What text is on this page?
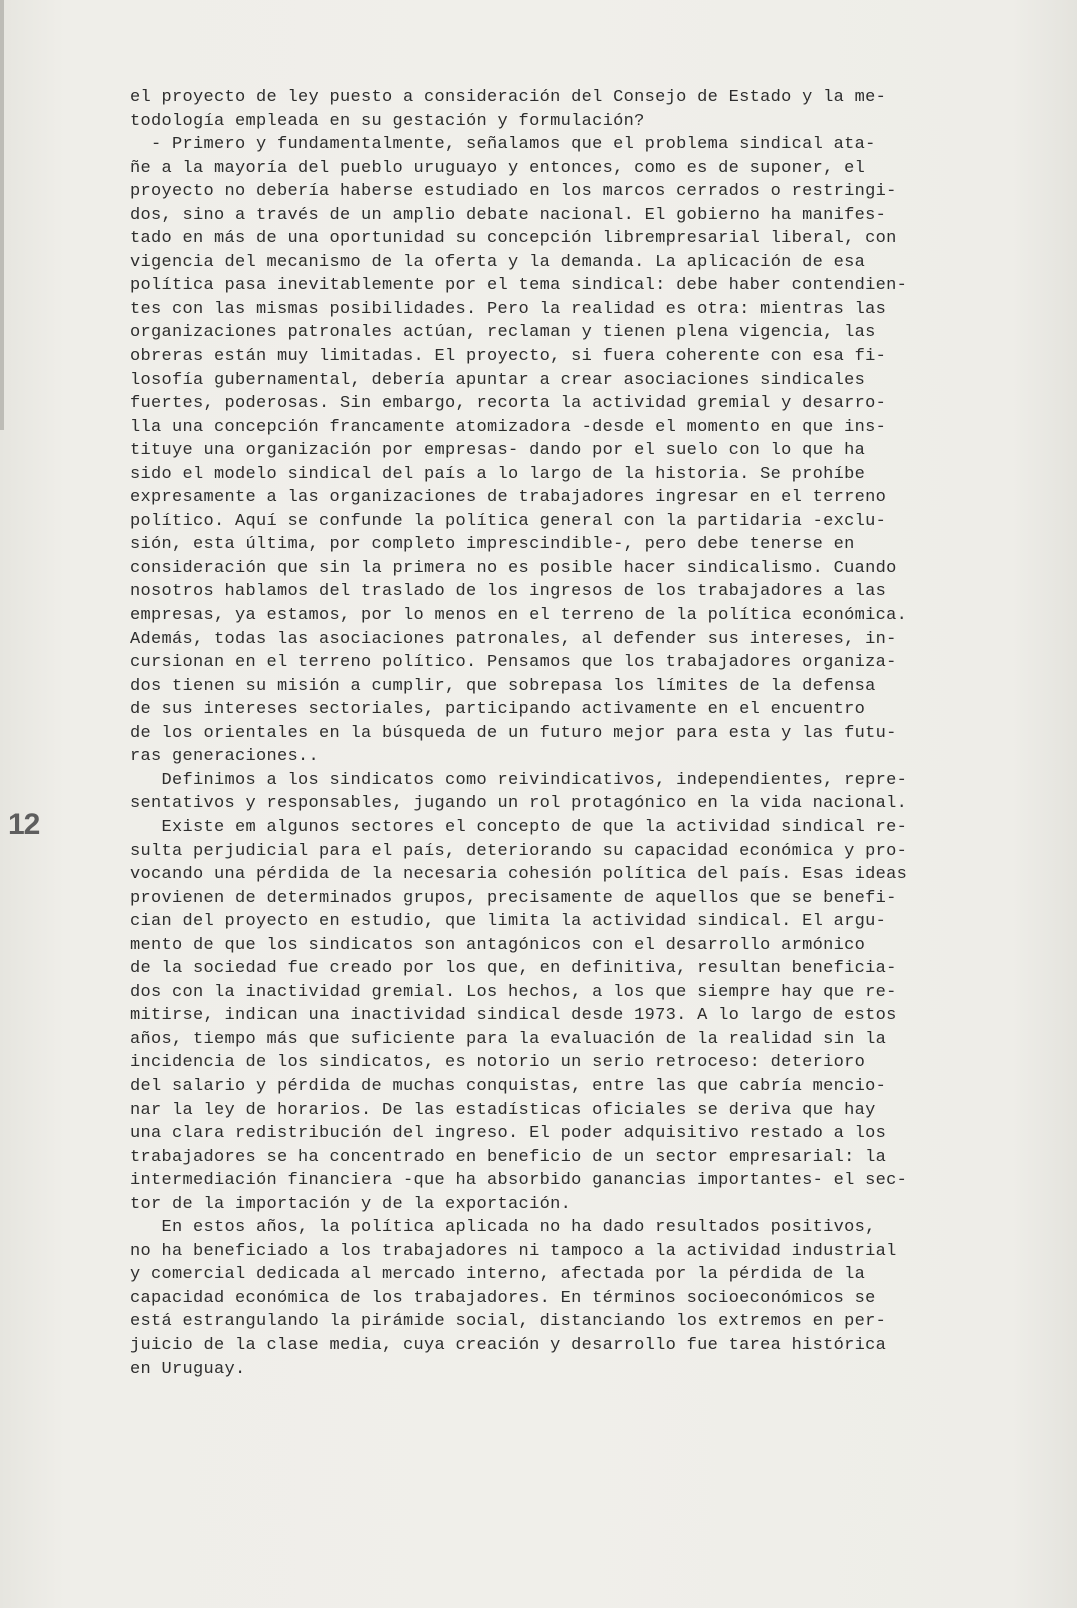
12
el proyecto de ley puesto a consideración del Consejo de Estado y la me-
todología empleada en su gestación y formulación?
- Primero y fundamentalmente, señalamos que el problema sindical ata-
ñe a la mayoría del pueblo uruguayo y entonces, como es de suponer, el
proyecto no debería haberse estudiado en los marcos cerrados o restringi-
dos, sino a través de un amplio debate nacional. El gobierno ha manifes-
tado en más de una oportunidad su concepción librempresarial liberal, con
vigencia del mecanismo de la oferta y la demanda. La aplicación de esa
política pasa inevitablemente por el tema sindical: debe haber contendien-
tes con las mismas posibilidades. Pero la realidad es otra: mientras las
organizaciones patronales actúan, reclaman y tienen plena vigencia, las
obreras están muy limitadas. El proyecto, si fuera coherente con esa fi-
losofía gubernamental, debería apuntar a crear asociaciones sindicales
fuertes, poderosas. Sin embargo, recorta la actividad gremial y desarro-
lla una concepción francamente atomizadora -desde el momento en que ins-
tituye una organización por empresas- dando por el suelo con lo que ha
sido el modelo sindical del país a lo largo de la historia. Se prohíbe
expresamente a las organizaciones de trabajadores ingresar en el terreno
político. Aquí se confunde la política general con la partidaria -exclu-
sión, esta última, por completo imprescindible-, pero debe tenerse en
consideración que sin la primera no es posible hacer sindicalismo. Cuando
nosotros hablamos del traslado de los ingresos de los trabajadores a las
empresas, ya estamos, por lo menos en el terreno de la política económica.
Además, todas las asociaciones patronales, al defender sus intereses, in-
cursionan en el terreno político. Pensamos que los trabajadores organiza-
dos tienen su misión a cumplir, que sobrepasa los límites de la defensa
de sus intereses sectoriales, participando activamente en el encuentro
de los orientales en la búsqueda de un futuro mejor para esta y las futu-
ras generaciones..
Definimos a los sindicatos como reivindicativos, independientes, repre-
sentativos y responsables, jugando un rol protagónico en la vida nacional.
Existe em algunos sectores el concepto de que la actividad sindical re-
sulta perjudicial para el país, deteriorando su capacidad económica y pro-
vocando una pérdida de la necesaria cohesión política del país. Esas ideas
provienen de determinados grupos, precisamente de aquellos que se benefi-
cian del proyecto en estudio, que limita la actividad sindical. El argu-
mento de que los sindicatos son antagónicos con el desarrollo armónico
de la sociedad fue creado por los que, en definitiva, resultan beneficia-
dos con la inactividad gremial. Los hechos, a los que siempre hay que re-
mitirse, indican una inactividad sindical desde 1973. A lo largo de estos
años, tiempo más que suficiente para la evaluación de la realidad sin la
incidencia de los sindicatos, es notorio un serio retroceso: deterioro
del salario y pérdida de muchas conquistas, entre las que cabría mencio-
nar la ley de horarios. De las estadísticas oficiales se deriva que hay
una clara redistribución del ingreso. El poder adquisitivo restado a los
trabajadores se ha concentrado en beneficio de un sector empresarial: la
intermediación financiera -que ha absorbido ganancias importantes- el sec-
tor de la importación y de la exportación.
En estos años, la política aplicada no ha dado resultados positivos,
no ha beneficiado a los trabajadores ni tampoco a la actividad industrial
y comercial dedicada al mercado interno, afectada por la pérdida de la
capacidad económica de los trabajadores. En términos socioeconómicos se
está estrangulando la pirámide social, distanciando los extremos en per-
juicio de la clase media, cuya creación y desarrollo fue tarea histórica
en Uruguay.
